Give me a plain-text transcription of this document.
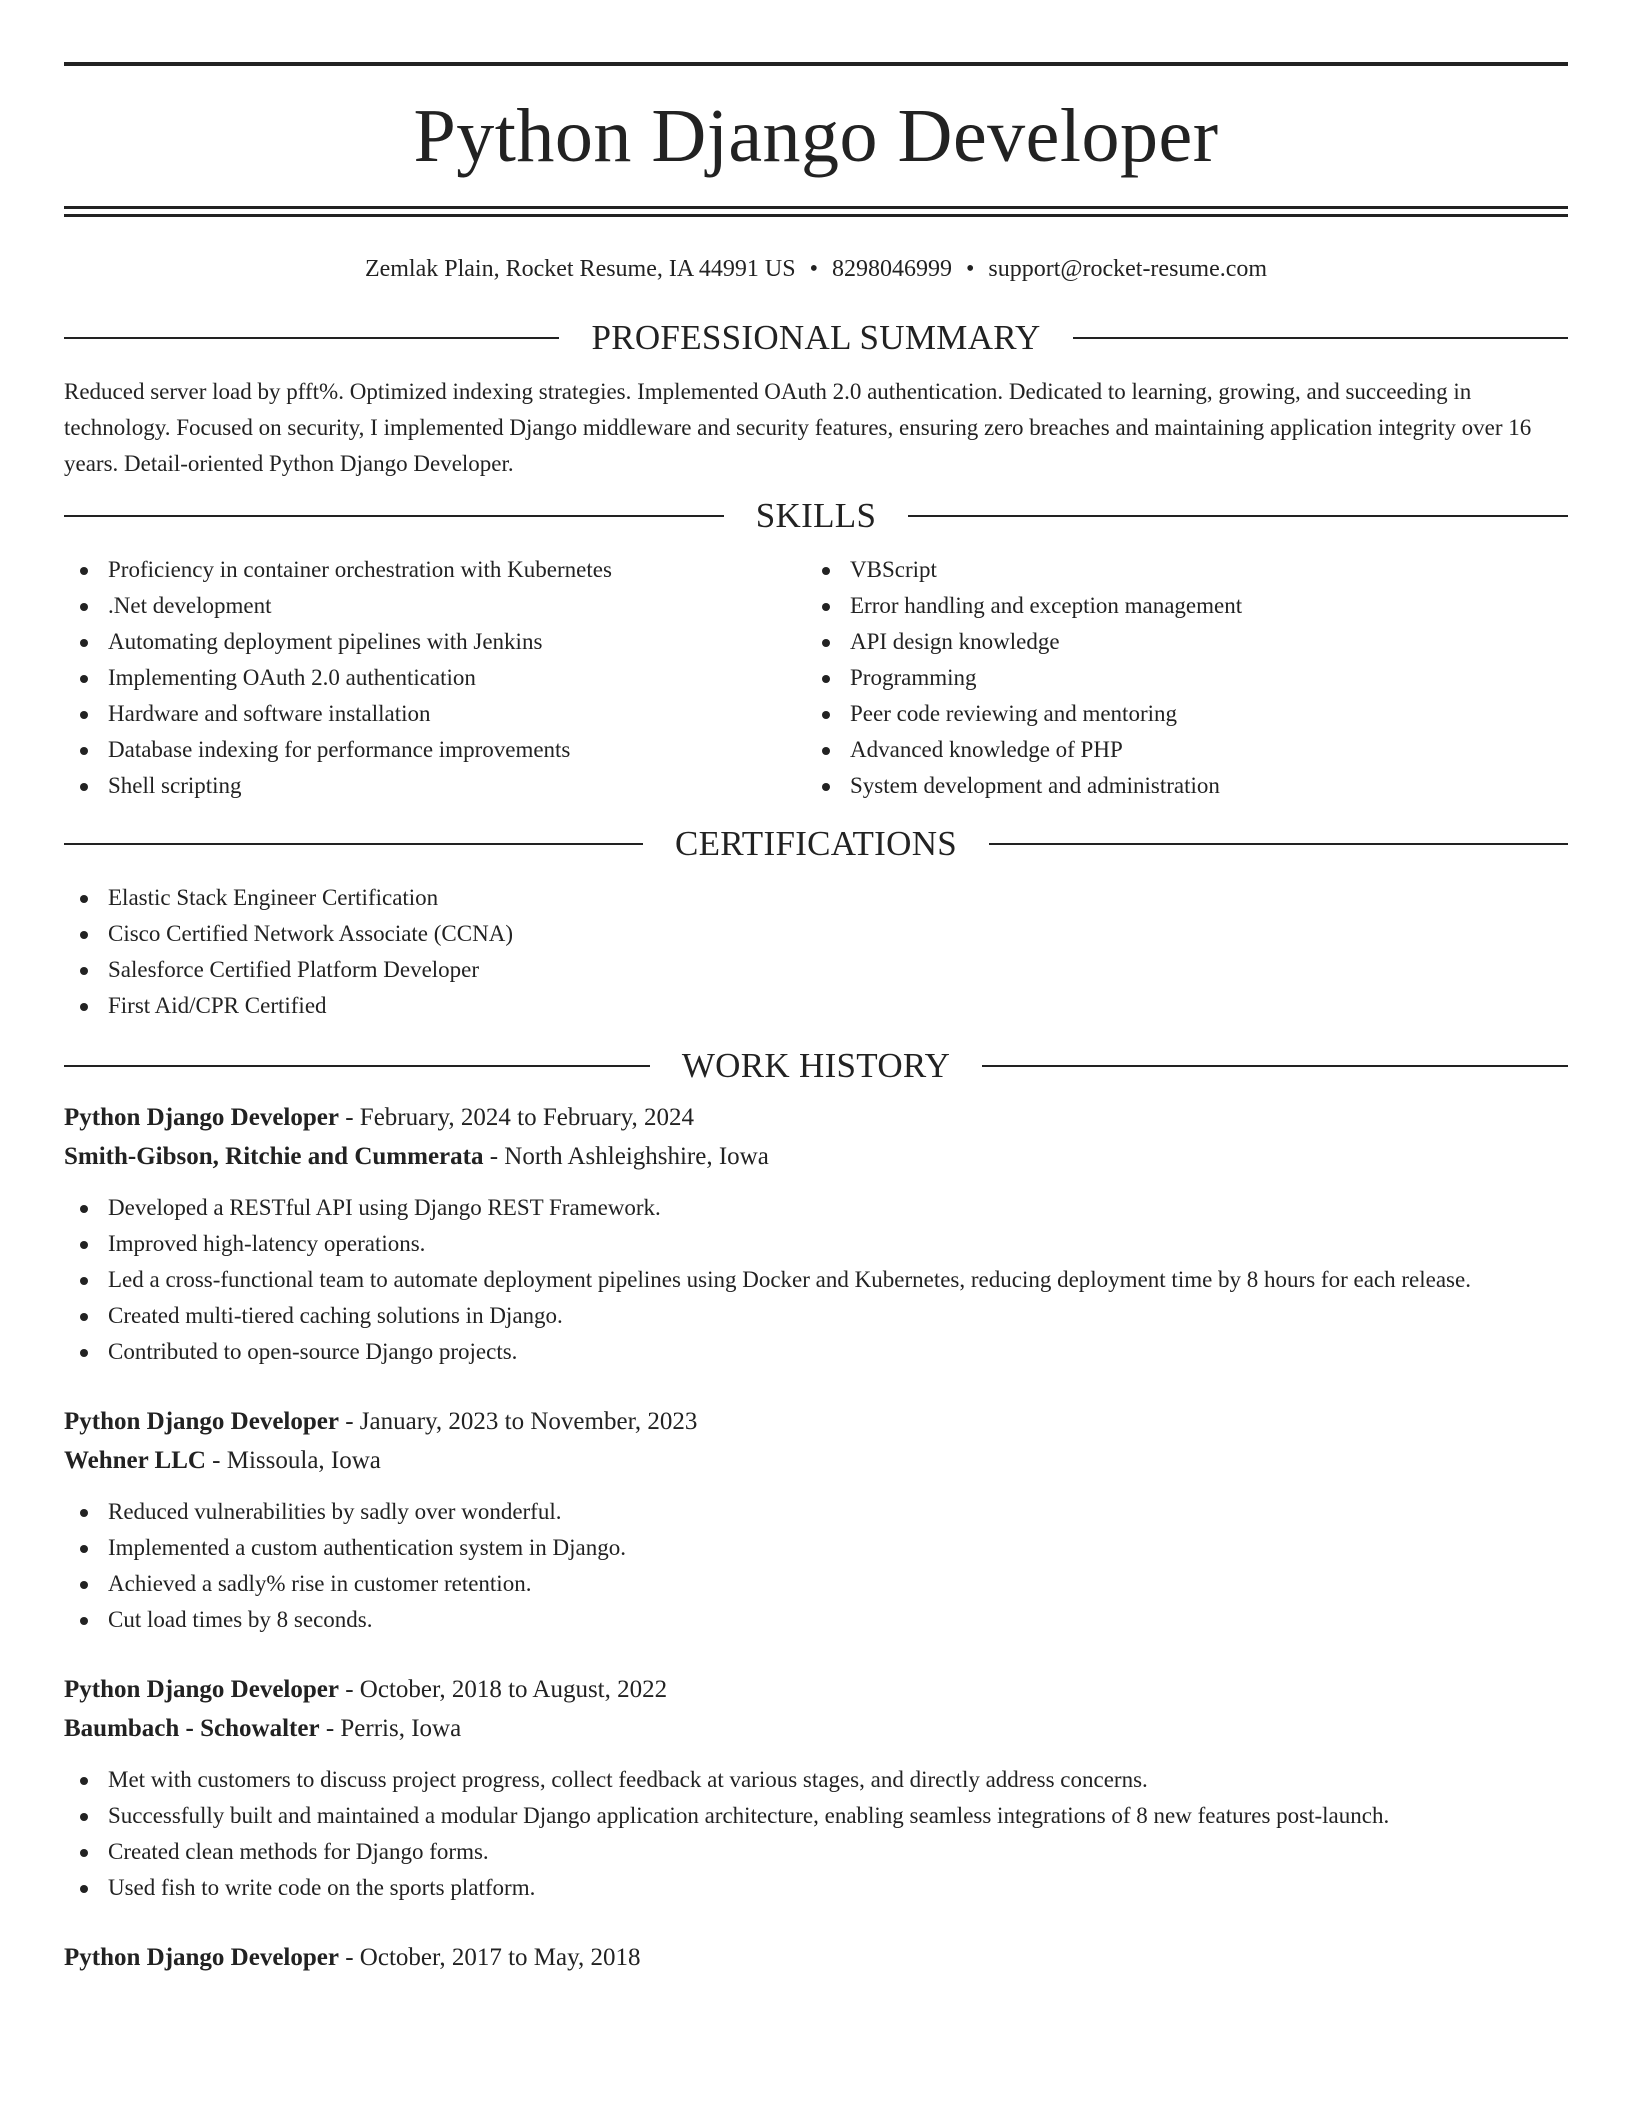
Python Django Developer
Zemlak Plain, Rocket Resume, IA 44991 US • 8298046999 • support@rocket-resume.com
PROFESSIONAL SUMMARY

Reduced server load by pfft%. Optimized indexing strategies. Implemented OAuth 2.0 authentication. Dedicated to learning, growing, and succeeding in technology. Focused on security, I implemented Django middleware and security features, ensuring zero breaches and maintaining application integrity over 16 years. Detail-oriented Python Django Developer.

SKILLS
Proficiency in container orchestration with Kubernetes
.Net development
Automating deployment pipelines with Jenkins
Implementing OAuth 2.0 authentication
Hardware and software installation
Database indexing for performance improvements
Shell scripting
VBScript
Error handling and exception management
API design knowledge
Programming
Peer code reviewing and mentoring
Advanced knowledge of PHP
System development and administration
CERTIFICATIONS
Elastic Stack Engineer Certification
Cisco Certified Network Associate (CCNA)
Salesforce Certified Platform Developer
First Aid/CPR Certified
WORK HISTORY
Python Django Developer - February, 2024 to February, 2024
Smith-Gibson, Ritchie and Cummerata - North Ashleighshire, Iowa
Developed a RESTful API using Django REST Framework.
Improved high-latency operations.
Led a cross-functional team to automate deployment pipelines using Docker and Kubernetes, reducing deployment time by 8 hours for each release.
Created multi-tiered caching solutions in Django.
Contributed to open-source Django projects.
Python Django Developer - January, 2023 to November, 2023
Wehner LLC - Missoula, Iowa
Reduced vulnerabilities by sadly over wonderful.
Implemented a custom authentication system in Django.
Achieved a sadly% rise in customer retention.
Cut load times by 8 seconds.
Python Django Developer - October, 2018 to August, 2022
Baumbach - Schowalter - Perris, Iowa
Met with customers to discuss project progress, collect feedback at various stages, and directly address concerns.
Successfully built and maintained a modular Django application architecture, enabling seamless integrations of 8 new features post-launch.
Created clean methods for Django forms.
Used fish to write code on the sports platform.
Python Django Developer - October, 2017 to May, 2018
